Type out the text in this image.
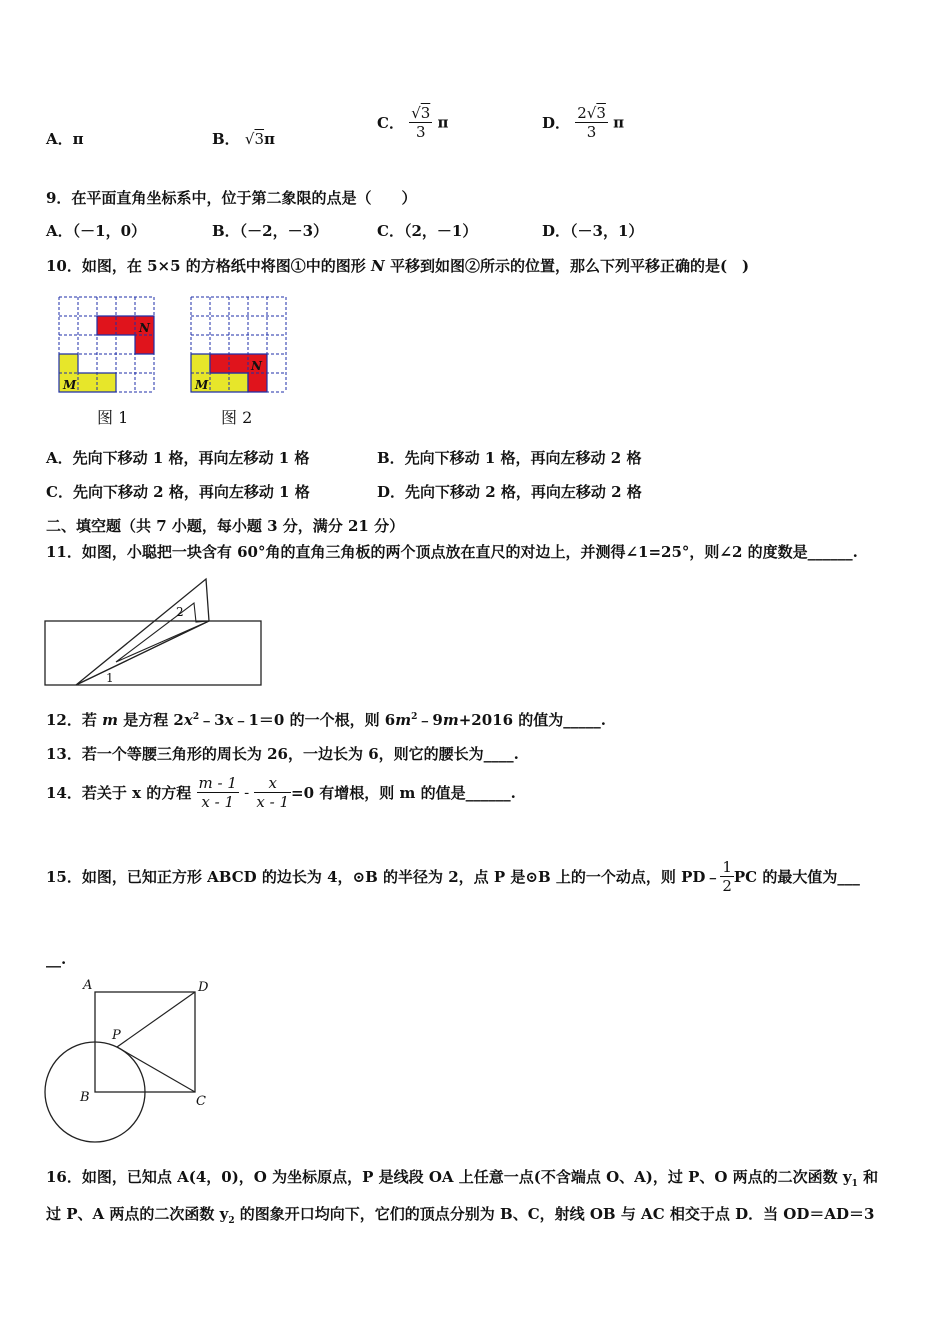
A．π	B． √3π
C． $\frac{√3}{3}$ π	D． $\frac{2√3}{3}$ π
9．在平面直角坐标系中，位于第二象限的点是（　　）
A．（－1，0）	B．（－2，－3）	C．（2，－1）	D．（－3，1）
10．如图，在 5×5 的方格纸中将图①中的图形 N 平移到如图②所示的位置，那么下列平移正确的是(　)
N
M
图 1
N
M
图 2
A．先向下移动 1 格，再向左移动 1 格	B．先向下移动 1 格，再向左移动 2 格
C．先向下移动 2 格，再向左移动 1 格	D．先向下移动 2 格，再向左移动 2 格
二、填空题（共 7 小题，每小题 3 分，满分 21 分）
11．如图，小聪把一块含有 60°角的直角三角板的两个顶点放在直尺的对边上，并测得∠1=25°，则∠2 的度数是______.
2
1
12．若 m 是方程 $2x^2﹣3x﹣1=0$ 的一个根，则 $6m^2﹣9m+2016$ 的值为_____.
13．若一个等腰三角形的周长为 26，一边长为 6，则它的腰长为____.
14．若关于 x 的方程 $\frac{m - 1}{x - 1} - \frac{x}{x - 1} =0$ 有增根，则 m 的值是______.
15．如图，已知正方形 ABCD 的边长为 4，⊙B 的半径为 2，点 P 是⊙B 上的一个动点，则 PD﹣ $\frac{1}{2}$ PC 的最大值为___
__.
A	D
P
B	C
16．如图，已知点 A(4，0)，O 为坐标原点，P 是线段 OA 上任意一点(不含端点 O、A)，过 P、O 两点的二次函数 $y_1$ 和
过 P、A 两点的二次函数 $y_2$ 的图象开口均向下，它们的顶点分别为 B、C，射线 OB 与 AC 相交于点 D．当 OD＝AD＝3
